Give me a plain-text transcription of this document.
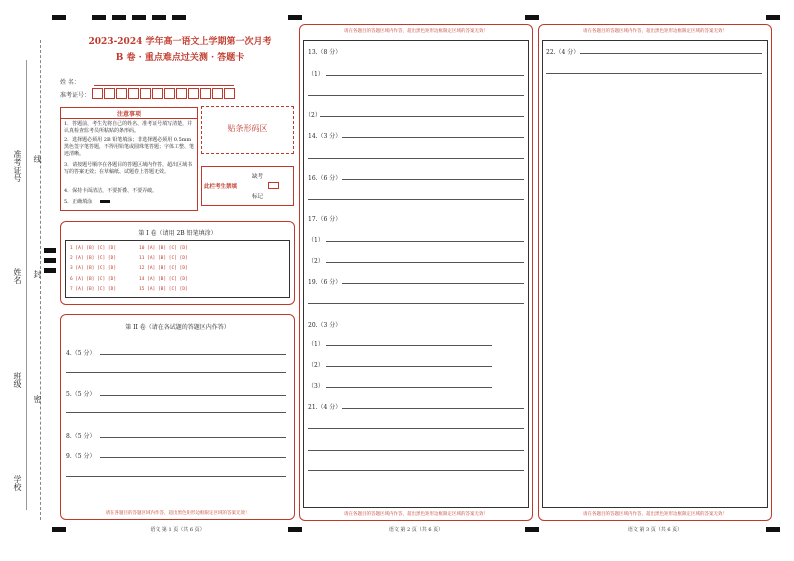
准考证号 线
姓名 封
班级
密
学校
2023-2024 学年高一语文上学期第一次月考
B 卷 · 重点难点过关测 · 答题卡
姓 名：
准考证号：
注意事项
1．答题前，考生先将自己的姓名、准考证号填写清楚，并认真检查监考员所粘贴的条形码。
2．选择题必须用 2B 铅笔填涂；非选择题必须用 0.5mm 黑色签字笔答题，不得用铅笔或圆珠笔答题；字体工整、笔迹清晰。
3．请按题号顺序在各题目的答题区域内作答，超出区域书写的答案无效；在草稿纸、试题卷上答题无效。
4．保持卡面清洁，不要折叠、不要弄破。
5．正确填涂
贴条形码区
此栏考生禁填
缺考
标记
第 I 卷（请用 2B 铅笔填涂）
1 [A] [B] [C] [D]
2 [A] [B] [C] [D]
3 [A] [B] [C] [D]
6 [A] [B] [C] [D]
7 [A] [B] [C] [D]
10 [A] [B] [C] [D]
11 [A] [B] [C] [D]
12 [A] [B] [C] [D]
14 [A] [B] [C] [D]
15 [A] [B] [C] [D]
第 II 卷（请在各试题的答题区内作答）
4.（5 分）
5.（5 分）
8.（5 分）
9.（5 分）
请在各题目的答题区域内作答，超出黑色矩形边框限定区域的答案无效！
语文 第 1 页（共 6 页）
请在各题目的答题区域内作答，超出黑色矩形边框限定区域的答案无效！
13.（8 分）
（1）
（2）
14.（3 分）
16.（6 分）
17.（6 分）
（1）
（2）
19.（6 分）
20.（3 分）
（1）
（2）
（3）
21.（4 分）
请在各题目的答题区域内作答，超出黑色矩形边框限定区域的答案无效！
语文 第 2 页（共 6 页）
请在各题目的答题区域内作答，超出黑色矩形边框限定区域的答案无效！
22.（4 分）
请在各题目的答题区域内作答，超出黑色矩形边框限定区域的答案无效！
语文 第 3 页（共 6 页）
